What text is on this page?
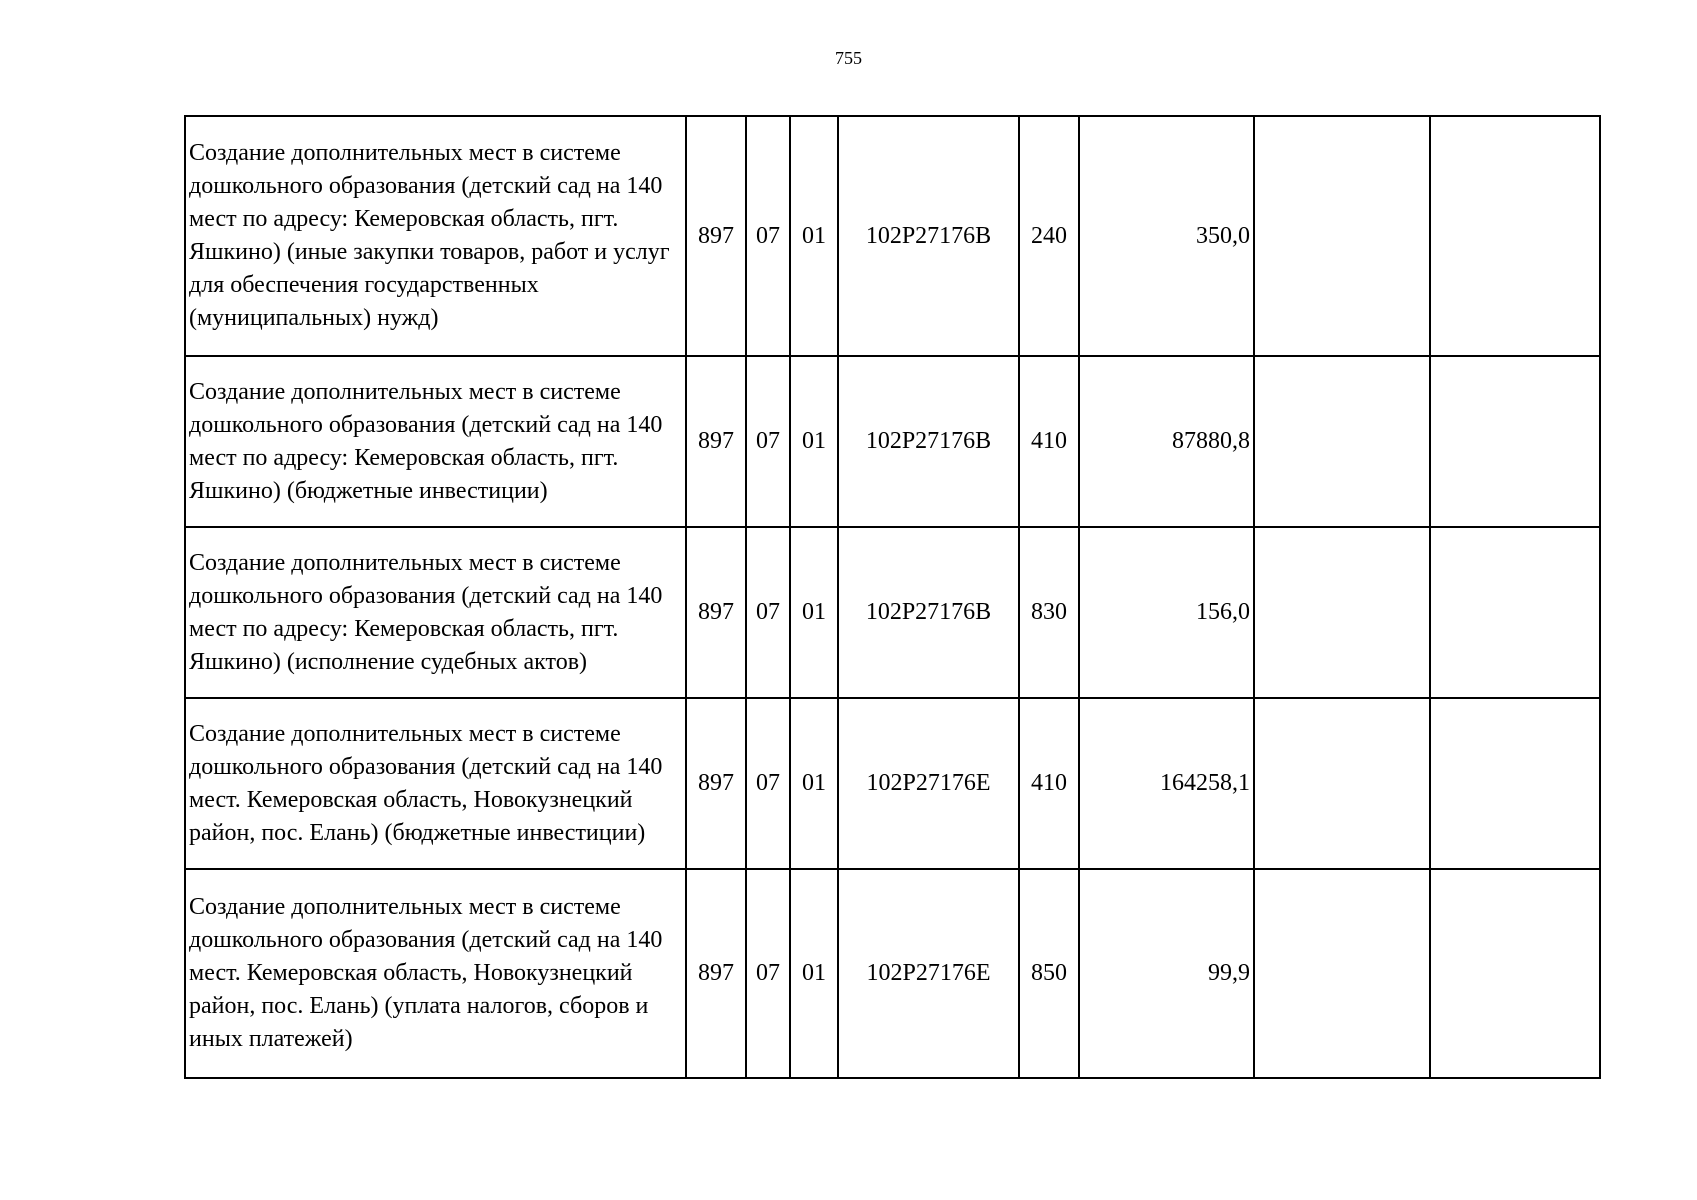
755
Создание дополнительных мест в системе дошкольного образования (детский сад на 140 мест по адресу: Кемеровская область, пгт. Яшкино) (иные закупки товаров, работ и услуг для обеспечения государственных (муниципальных) нужд)	897	07	01	102P27176B	240	350,0		
Создание дополнительных мест в системе дошкольного образования (детский сад на 140 мест по адресу: Кемеровская область, пгт. Яшкино) (бюджетные инвестиции)	897	07	01	102P27176B	410	87880,8		
Создание дополнительных мест в системе дошкольного образования (детский сад на 140 мест по адресу: Кемеровская область, пгт. Яшкино) (исполнение судебных актов)	897	07	01	102P27176B	830	156,0		
Создание дополнительных мест в системе дошкольного образования (детский сад на 140 мест. Кемеровская область, Новокузнецкий район, пос. Елань) (бюджетные инвестиции)	897	07	01	102P27176E	410	164258,1		
Создание дополнительных мест в системе дошкольного образования (детский сад на 140 мест. Кемеровская область, Новокузнецкий район, пос. Елань) (уплата налогов, сборов и иных платежей)	897	07	01	102P27176E	850	99,9		
